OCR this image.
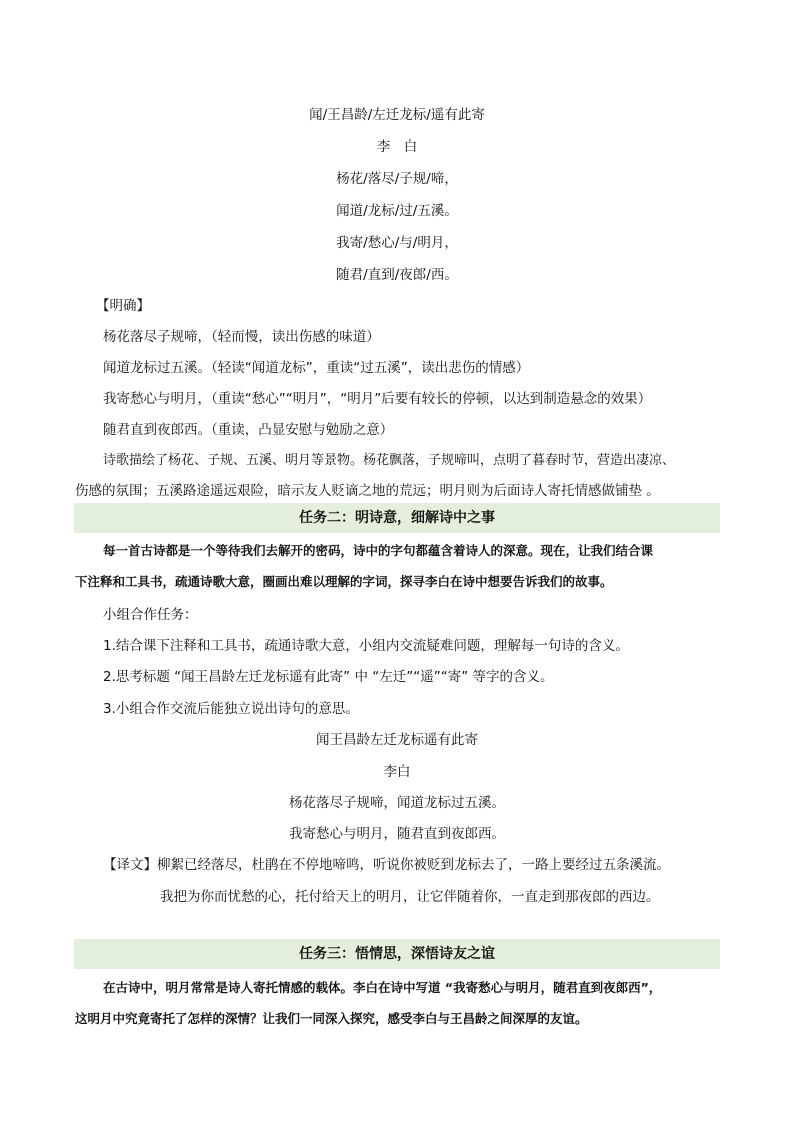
闻/王昌龄/左迁龙标/遥有此寄
李　白
杨花/落尽/子规/啼，
闻道/龙标/过/五溪。
我寄/愁心/与/明月，
随君/直到/夜郎/西。
【明确】
杨花落尽子规啼，（轻而慢，读出伤感的味道）
闻道龙标过五溪。（轻读“闻道龙标”，重读“过五溪”，读出悲伤的情感）
我寄愁心与明月，（重读“愁心”“明月”，“明月”后要有较长的停顿，以达到制造悬念的效果）
随君直到夜郎西。（重读，凸显安慰与勉励之意）
诗歌描绘了杨花、子规、五溪、明月等景物。杨花飘落，子规啼叫，点明了暮春时节，营造出凄凉、
伤感的氛围；五溪路途遥远艰险，暗示友人贬谪之地的荒远；明月则为后面诗人寄托情感做铺垫 。
任务二：明诗意，细解诗中之事
每一首古诗都是一个等待我们去解开的密码，诗中的字句都蕴含着诗人的深意。现在，让我们结合课
下注释和工具书，疏通诗歌大意，圈画出难以理解的字词，探寻李白在诗中想要告诉我们的故事。
小组合作任务：
1.结合课下注释和工具书，疏通诗歌大意，小组内交流疑难问题，理解每一句诗的含义。
2.思考标题 “闻王昌龄左迁龙标遥有此寄” 中 “左迁”“遥”“寄” 等字的含义。
3.小组合作交流后能独立说出诗句的意思。
闻王昌龄左迁龙标遥有此寄
李白
杨花落尽子规啼，闻道龙标过五溪。
我寄愁心与明月，随君直到夜郎西。
【译文】柳絮已经落尽，杜鹃在不停地啼鸣，听说你被贬到龙标去了，一路上要经过五条溪流。
我把为你而忧愁的心，托付给天上的明月，让它伴随着你，一直走到那夜郎的西边。
任务三：悟情思，深悟诗友之谊
在古诗中，明月常常是诗人寄托情感的载体。李白在诗中写道 “我寄愁心与明月，随君直到夜郎西”，
这明月中究竟寄托了怎样的深情？让我们一同深入探究，感受李白与王昌龄之间深厚的友谊。
